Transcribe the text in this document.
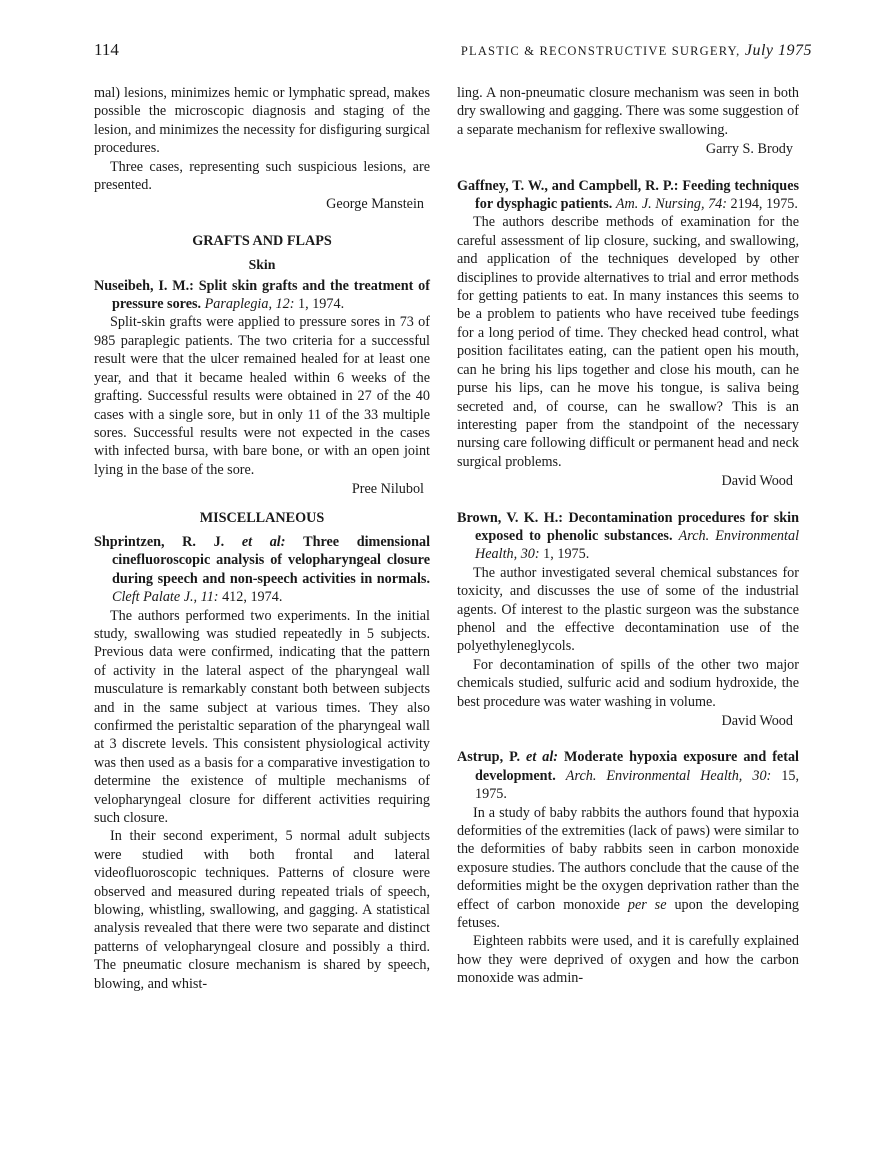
114	PLASTIC & RECONSTRUCTIVE SURGERY, July 1975

mal) lesions, minimizes hemic or lymphatic spread, makes possible the microscopic diagnosis and staging of the lesion, and minimizes the necessity for disfiguring surgical procedures.

Three cases, representing such suspicious lesions, are presented.

George Manstein

GRAFTS AND FLAPS

Skin

Nuseibeh, I. M.: Split skin grafts and the treatment of pressure sores. Paraplegia, 12: 1, 1974.

Split-skin grafts were applied to pressure sores in 73 of 985 paraplegic patients. The two criteria for a successful result were that the ulcer remained healed for at least one year, and that it became healed within 6 weeks of the grafting. Successful results were obtained in 27 of the 40 cases with a single sore, but in only 11 of the 33 multiple sores. Successful results were not expected in the cases with infected bursa, with bare bone, or with an open joint lying in the base of the sore.

Pree Nilubol

MISCELLANEOUS

Shprintzen, R. J. et al: Three dimensional cinefluoroscopic analysis of velopharyngeal closure during speech and non-speech activities in normals. Cleft Palate J., 11: 412, 1974.

The authors performed two experiments. In the initial study, swallowing was studied repeatedly in 5 subjects. Previous data were confirmed, indicating that the pattern of activity in the lateral aspect of the pharyngeal wall musculature is remarkably constant both between subjects and in the same subject at various times. They also confirmed the peristaltic separation of the pharyngeal wall at 3 discrete levels. This consistent physiological activity was then used as a basis for a comparative investigation to determine the existence of multiple mechanisms of velopharyngeal closure for different activities requiring such closure.

In their second experiment, 5 normal adult subjects were studied with both frontal and lateral videofluoroscopic techniques. Patterns of closure were observed and measured during repeated trials of speech, blowing, whistling, swallowing, and gagging. A statistical analysis revealed that there were two separate and distinct patterns of velopharyngeal closure and possibly a third. The pneumatic closure mechanism is shared by speech, blowing, and whist-

ling. A non-pneumatic closure mechanism was seen in both dry swallowing and gagging. There was some suggestion of a separate mechanism for reflexive swallowing.

Garry S. Brody

Gaffney, T. W., and Campbell, R. P.: Feeding techniques for dysphagic patients. Am. J. Nursing, 74: 2194, 1975.

The authors describe methods of examination for the careful assessment of lip closure, sucking, and swallowing, and application of the techniques developed by other disciplines to provide alternatives to trial and error methods for getting patients to eat. In many instances this seems to be a problem to patients who have received tube feedings for a long period of time. They checked head control, what position facilitates eating, can the patient open his mouth, can he bring his lips together and close his mouth, can he purse his lips, can he move his tongue, is saliva being secreted and, of course, can he swallow? This is an interesting paper from the standpoint of the necessary nursing care following difficult or permanent head and neck surgical problems.

David Wood

Brown, V. K. H.: Decontamination procedures for skin exposed to phenolic substances. Arch. Environmental Health, 30: 1, 1975.

The author investigated several chemical substances for toxicity, and discusses the use of some of the industrial agents. Of interest to the plastic surgeon was the substance phenol and the effective decontamination use of the polyethyleneglycols.

For decontamination of spills of the other two major chemicals studied, sulfuric acid and sodium hydroxide, the best procedure was water washing in volume.

David Wood

Astrup, P. et al: Moderate hypoxia exposure and fetal development. Arch. Environmental Health, 30: 15, 1975.

In a study of baby rabbits the authors found that hypoxia deformities of the extremities (lack of paws) were similar to the deformities of baby rabbits seen in carbon monoxide exposure studies. The authors conclude that the cause of the deformities might be the oxygen deprivation rather than the effect of carbon monoxide per se upon the developing fetuses.

Eighteen rabbits were used, and it is carefully explained how they were deprived of oxygen and how the carbon monoxide was admin-
